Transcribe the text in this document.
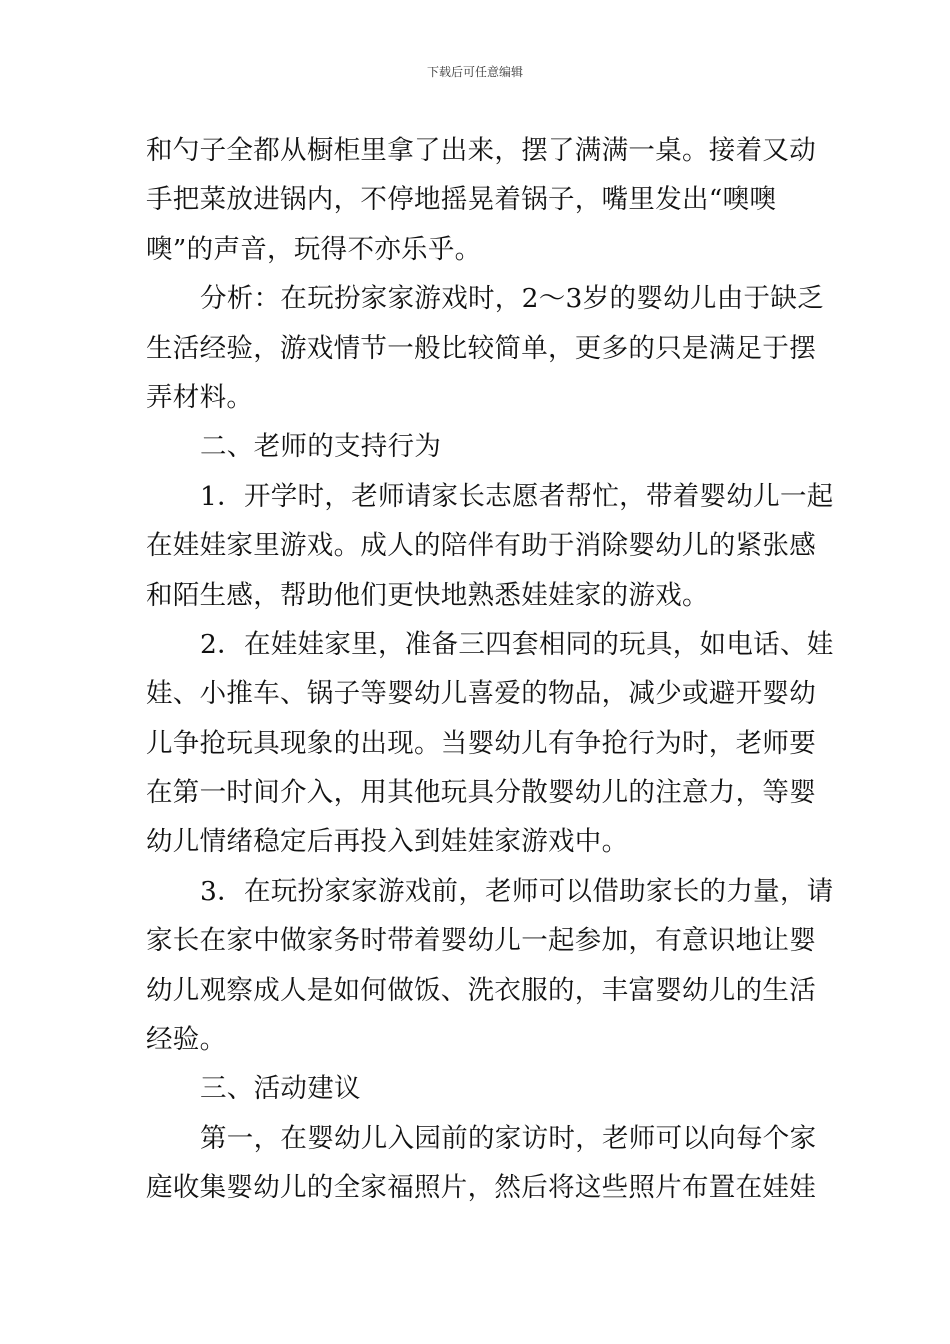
下载后可任意编辑
和勺子全都从橱柜里拿了出来，摆了满满一桌。接着又动
手把菜放进锅内，不停地摇晃着锅子，嘴里发出“噢噢
噢”的声音，玩得不亦乐乎。
分析：在玩扮家家游戏时，2～3岁的婴幼儿由于缺乏
生活经验，游戏情节一般比较简单，更多的只是满足于摆
弄材料。
二、老师的支持行为
1．开学时，老师请家长志愿者帮忙，带着婴幼儿一起
在娃娃家里游戏。成人的陪伴有助于消除婴幼儿的紧张感
和陌生感，帮助他们更快地熟悉娃娃家的游戏。
2．在娃娃家里，准备三四套相同的玩具，如电话、娃
娃、小推车、锅子等婴幼儿喜爱的物品，减少或避开婴幼
儿争抢玩具现象的出现。当婴幼儿有争抢行为时，老师要
在第一时间介入，用其他玩具分散婴幼儿的注意力，等婴
幼儿情绪稳定后再投入到娃娃家游戏中。
3．在玩扮家家游戏前，老师可以借助家长的力量，请
家长在家中做家务时带着婴幼儿一起参加，有意识地让婴
幼儿观察成人是如何做饭、洗衣服的，丰富婴幼儿的生活
经验。
三、活动建议
第一，在婴幼儿入园前的家访时，老师可以向每个家
庭收集婴幼儿的全家福照片，然后将这些照片布置在娃娃
